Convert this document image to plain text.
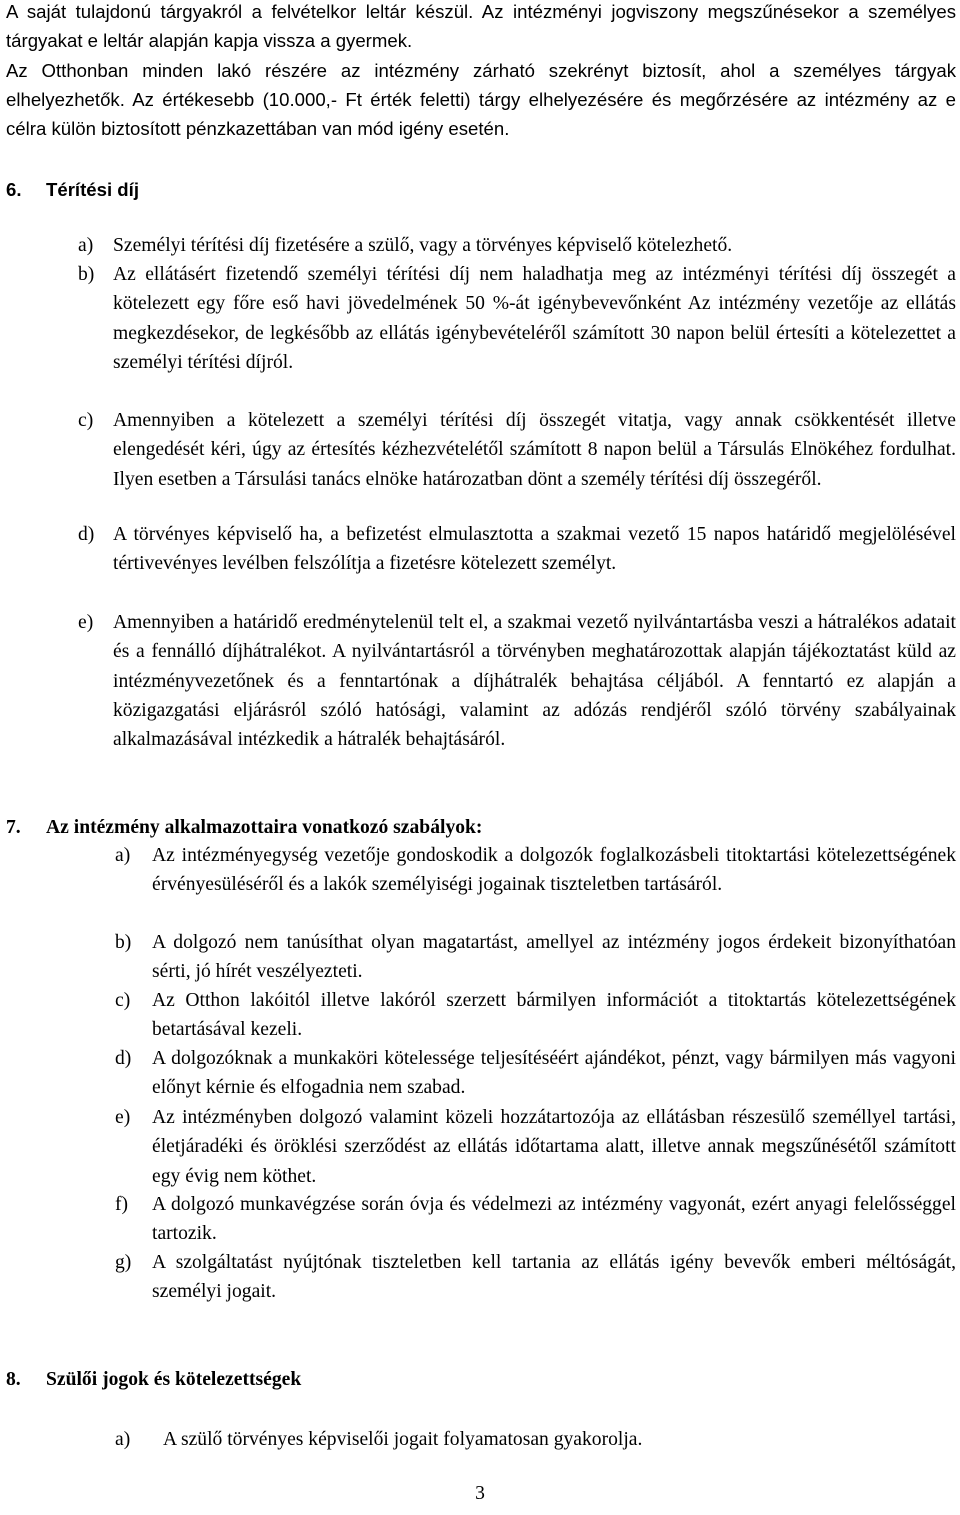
A saját tulajdonú tárgyakról a felvételkor leltár készül. Az intézményi jogviszony megszűnésekor a személyes tárgyakat e leltár alapján kapja vissza a gyermek.

Az Otthonban minden lakó részére az intézmény zárható szekrényt biztosít, ahol a személyes tárgyak elhelyezhetők. Az értékesebb (10.000,- Ft érték feletti) tárgy elhelyezésére és megőrzésére az intézmény az e célra külön biztosított pénzkazettában van mód igény esetén.

6. Térítési díj
a) Személyi térítési díj fizetésére a szülő, vagy a törvényes képviselő kötelezhető.

b) Az ellátásért fizetendő személyi térítési díj nem haladhatja meg az intézményi térítési díj összegét a kötelezett egy főre eső havi jövedelmének 50 %-át igénybevevőnként Az intézmény vezetője az ellátás megkezdésekor, de legkésőbb az ellátás igénybevételéről számított 30 napon belül értesíti a kötelezettet a személyi térítési díjról.

c) Amennyiben a kötelezett a személyi térítési díj összegét vitatja, vagy annak csökkentését illetve elengedését kéri, úgy az értesítés kézhezvételétől számított 8 napon belül a Társulás Elnökéhez fordulhat. Ilyen esetben a Társulási tanács elnöke határozatban dönt a személy térítési díj összegéről.

d) A törvényes képviselő ha, a befizetést elmulasztotta a szakmai vezető 15 napos határidő megjelölésével tértivevényes levélben felszólítja a fizetésre kötelezett személyt.

e) Amennyiben a határidő eredménytelenül telt el, a szakmai vezető nyilvántartásba veszi a hátralékos adatait és a fennálló díjhátralékot. A nyilvántartásról a törvényben meghatározottak alapján tájékoztatást küld az intézményvezetőnek és a fenntartónak a díjhátralék behajtása céljából. A fenntartó ez alapján a közigazgatási eljárásról szóló hatósági, valamint az adózás rendjéről szóló törvény szabályainak alkalmazásával intézkedik a hátralék behajtásáról.

7. Az intézmény alkalmazottaira vonatkozó szabályok:
a) Az intézményegység vezetője gondoskodik a dolgozók foglalkozásbeli titoktartási kötelezettségének érvényesüléséről és a lakók személyiségi jogainak tiszteletben tartásáról.

b) A dolgozó nem tanúsíthat olyan magatartást, amellyel az intézmény jogos érdekeit bizonyíthatóan sérti, jó hírét veszélyezteti.

c) Az Otthon lakóitól illetve lakóról szerzett bármilyen információt a titoktartás kötelezettségének betartásával kezeli.

d) A dolgozóknak a munkaköri kötelessége teljesítéséért ajándékot, pénzt, vagy bármilyen más vagyoni előnyt kérnie és elfogadnia nem szabad.

e) Az intézményben dolgozó valamint közeli hozzátartozója az ellátásban részesülő személlyel tartási, életjáradéki és öröklési szerződést az ellátás időtartama alatt, illetve annak megszűnésétől számított egy évig nem köthet.

f) A dolgozó munkavégzése során óvja és védelmezi az intézmény vagyonát, ezért anyagi felelősséggel tartozik.

g) A szolgáltatást nyújtónak tiszteletben kell tartania az ellátás igény bevevők emberi méltóságát, személyi jogait.

8. Szülői jogok és kötelezettségek
a) A szülő törvényes képviselői jogait folyamatosan gyakorolja.

3
